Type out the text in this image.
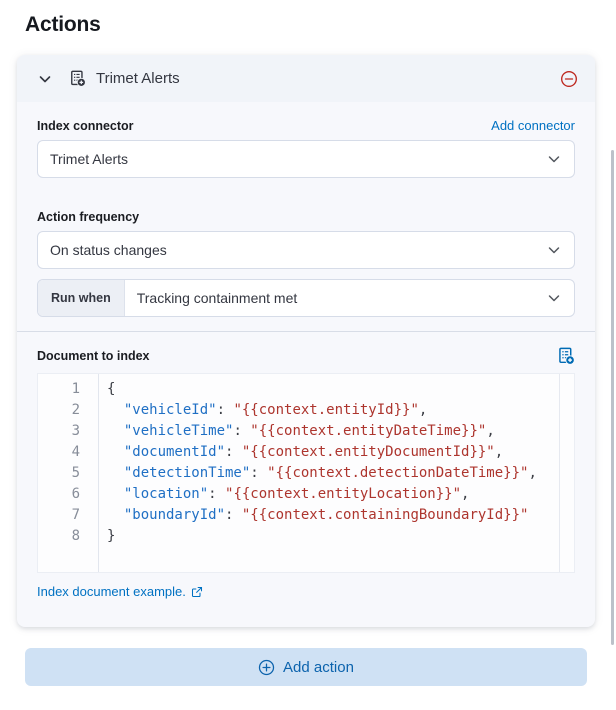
Actions
Trimet Alerts
Index connector	Add connector
Trimet Alerts
Action frequency
On status changes
Run when	Tracking containment met
Document to index
1	{
2	"vehicleId": "{{context.entityId}}",
3	"vehicleTime": "{{context.entityDateTime}}",
4	"documentId": "{{context.entityDocumentId}}",
5	"detectionTime": "{{context.detectionDateTime}}",
6	"location": "{{context.entityLocation}}",
7	"boundaryId": "{{context.containingBoundaryId}}"
8	}
Index document example.
Add action
